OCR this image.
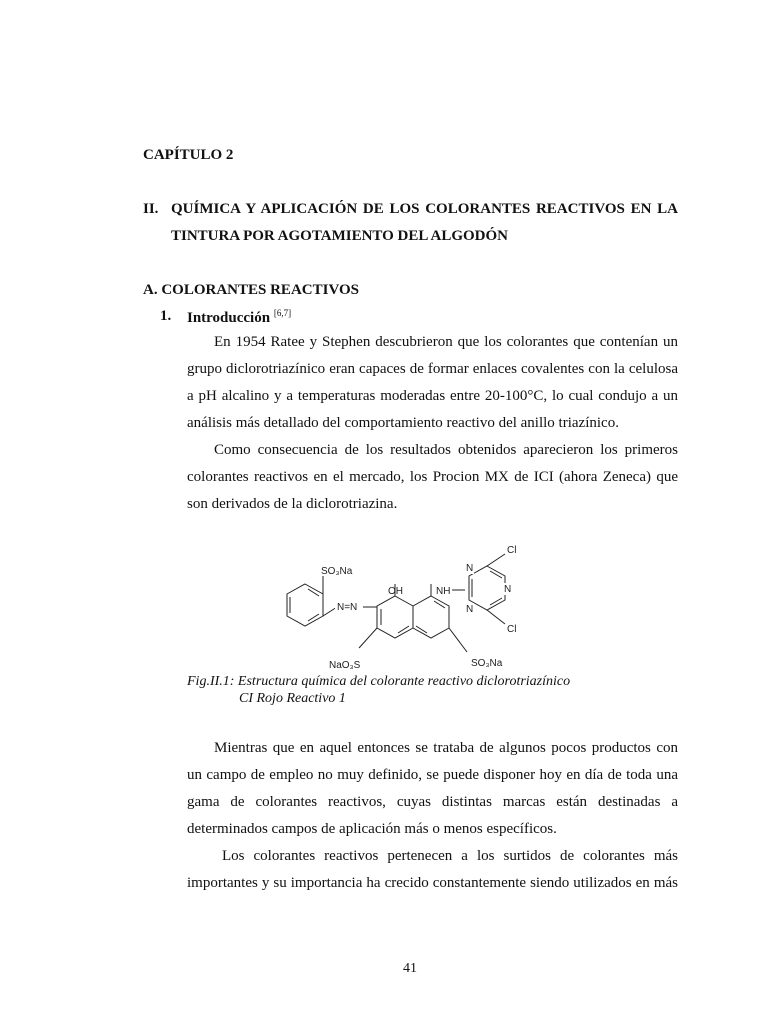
CAPÍTULO 2
II. QUÍMICA Y APLICACIÓN DE LOS COLORANTES REACTIVOS EN LA
TINTURA POR AGOTAMIENTO DEL ALGODÓN
A. COLORANTES REACTIVOS
1. Introducción [6,7]
En 1954 Ratee y Stephen descubrieron que los colorantes que contenían un
grupo diclorotriazínico eran capaces de formar enlaces covalentes con la celulosa
a pH alcalino y a temperaturas moderadas entre 20-100°C, lo cual condujo a un
análisis más detallado del comportamiento reactivo del anillo triazínico.
Como consecuencia de los resultados obtenidos aparecieron los primeros
colorantes reactivos en el mercado, los Procion MX de ICI (ahora Zeneca) que
son derivados de la diclorotriazina.
SO₃Na
N=N
OH	NH
N
N
N
Cl
Cl
NaO₃S	SO₃Na
Fig.II.1: Estructura química del colorante reactivo diclorotriazínico
CI Rojo Reactivo 1
Mientras que en aquel entonces se trataba de algunos pocos productos con
un campo de empleo no muy definido, se puede disponer hoy en día de toda una
gama de colorantes reactivos, cuyas distintas marcas están destinadas a
determinados campos de aplicación más o menos específicos.
Los colorantes reactivos pertenecen a los surtidos de colorantes más
importantes y su importancia ha crecido constantemente siendo utilizados en más
41
